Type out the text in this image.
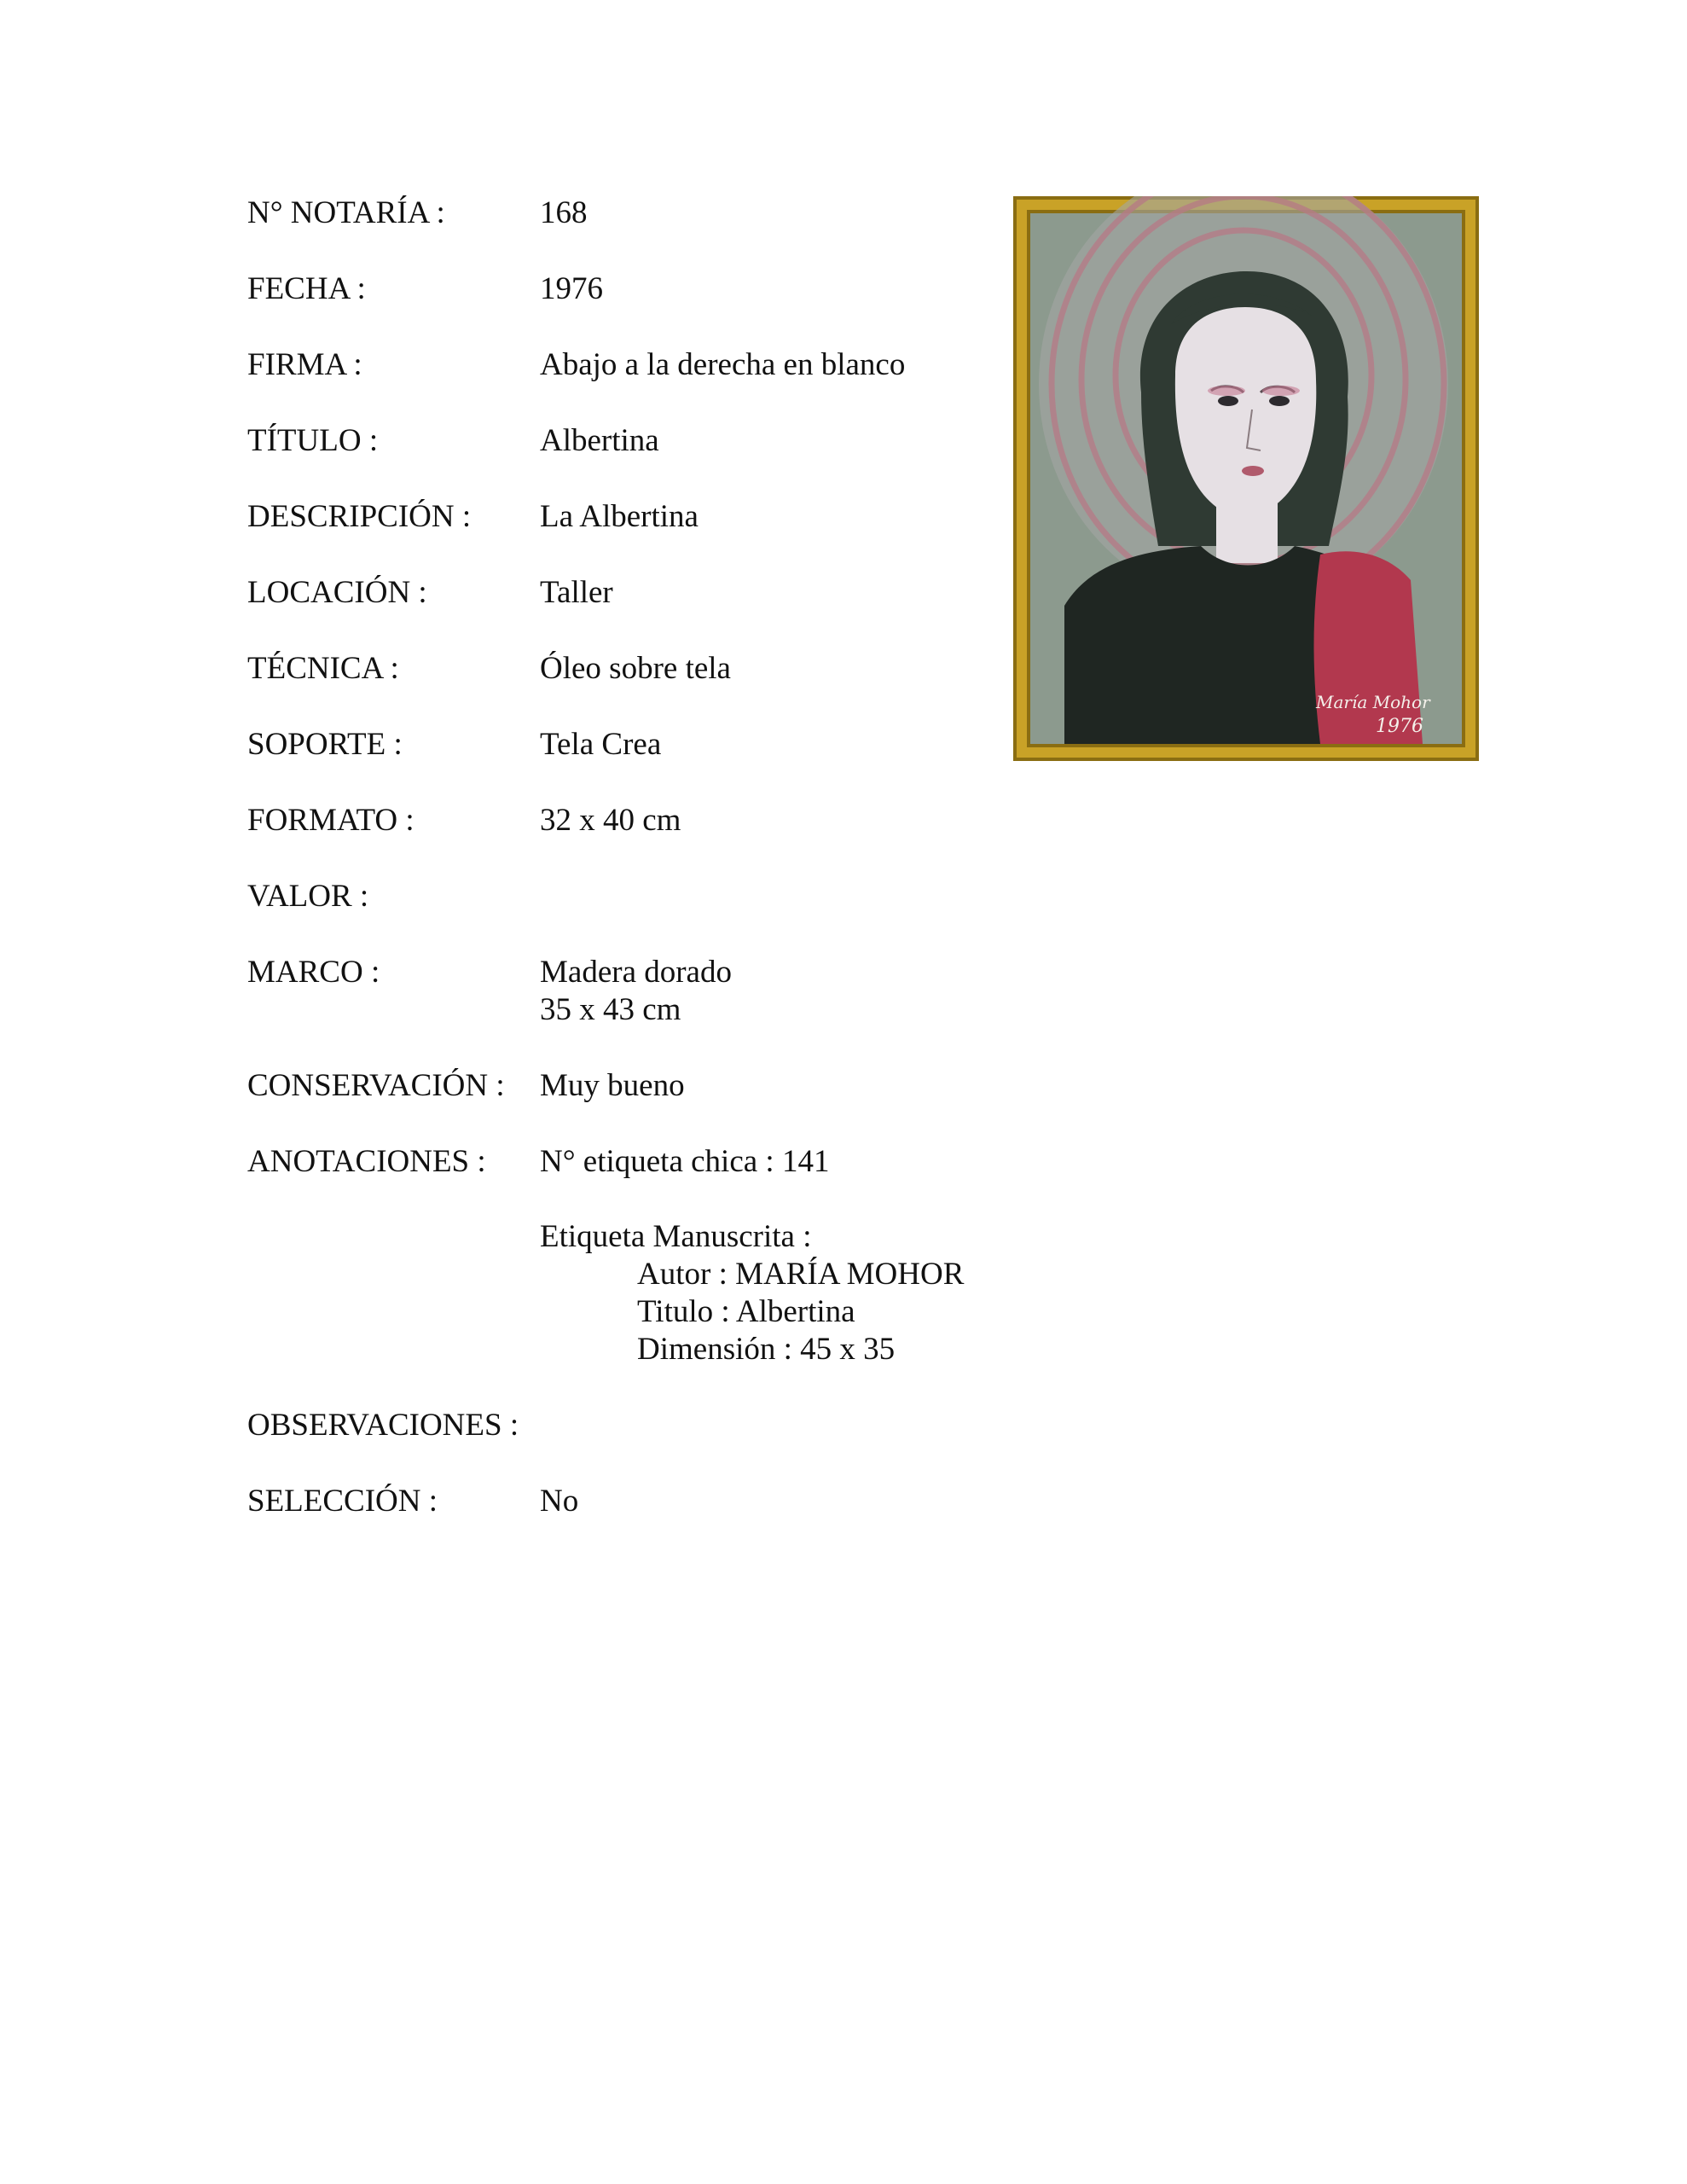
N° NOTARÍA :	168
FECHA :	1976
FIRMA :	Abajo a la derecha en blanco
TÍTULO :	Albertina
DESCRIPCIÓN :	La Albertina
LOCACIÓN :	Taller
TÉCNICA :	Óleo sobre tela
SOPORTE :	Tela Crea
FORMATO :	32 x 40 cm
VALOR :
MARCO :	Madera dorado
35 x 43 cm
CONSERVACIÓN :	Muy bueno
ANOTACIONES :	N° etiqueta chica : 141
Etiqueta Manuscrita :
Autor : MARÍA MOHOR
Titulo : Albertina
Dimensión : 45 x 35
OBSERVACIONES :
SELECCIÓN :	No
María Mohor
1976
